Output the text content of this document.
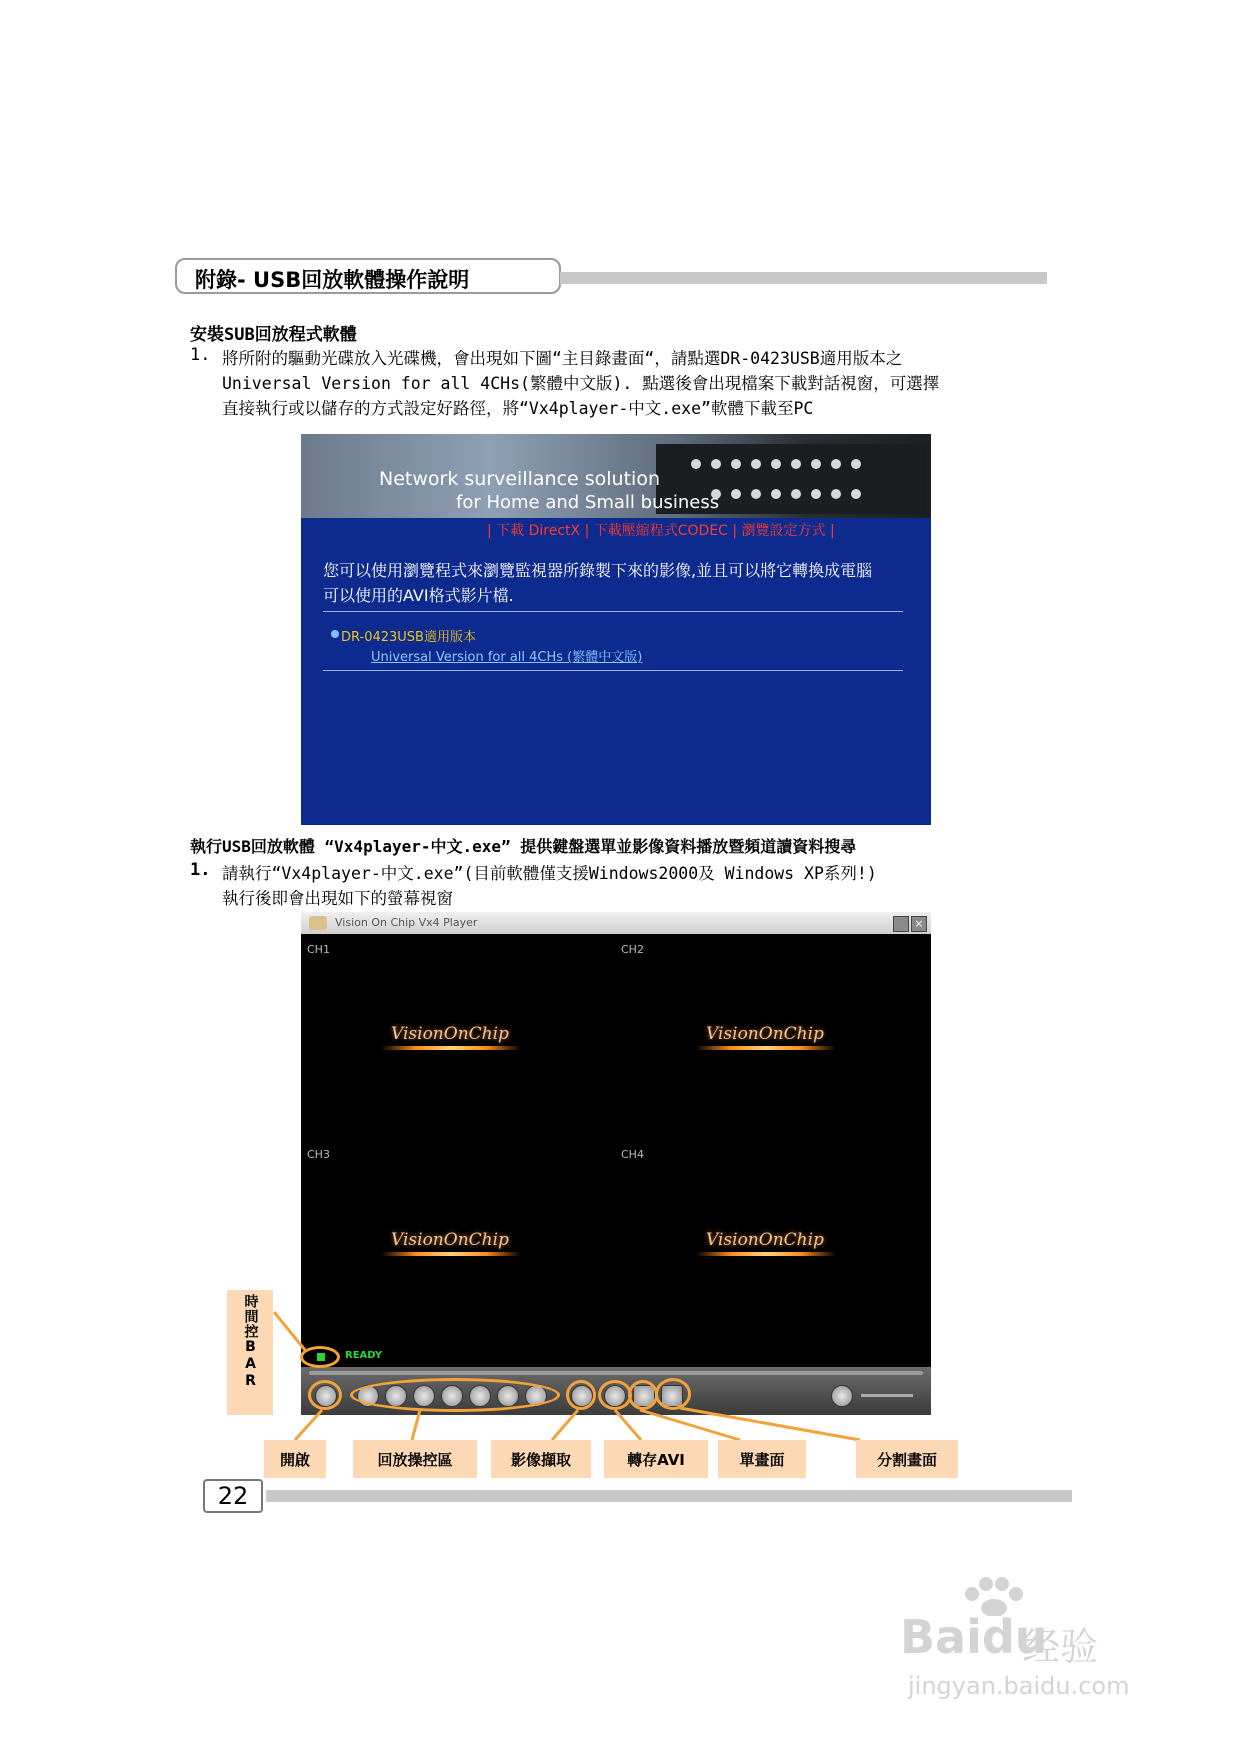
附錄- USB回放軟體操作說明
安裝SUB回放程式軟體
1. 將所附的驅動光碟放入光碟機，會出現如下圖“主目錄畫面“，請點選DR-0423USB適用版本之
Universal Version for all 4CHs(繁體中文版). 點選後會出現檔案下載對話視窗，可選擇
直接執行或以儲存的方式設定好路徑，將“Vx4player-中文.exe”軟體下載至PC
Network surveillance solution
for Home and Small business
| 下載 DirectX | 下載壓縮程式CODEC | 瀏覽設定方式 |
您可以使用瀏覽程式來瀏覽監視器所錄製下來的影像,並且可以將它轉換成電腦
可以使用的AVI格式影片檔.
DR-0423USB適用版本
Universal Version for all 4CHs (繁體中文版)
執行USB回放軟體 “Vx4player-中文.exe” 提供鍵盤選單並影像資料播放暨頻道讀資料搜尋
1. 請執行“Vx4player-中文.exe”(目前軟體僅支援Windows2000及 Windows XP系列!)
執行後即會出現如下的螢幕視窗
Vision On Chip Vx4 Player	×
CH1	CH2
CH3	CH4
VisionOnChip	VisionOnChip
VisionOnChip	VisionOnChip
READY
時間控BAR
開啟	回放操控區	影像擷取	轉存AVI	單畫面	分割畫面
22
Baidu
经验
jingyan.baidu.com
